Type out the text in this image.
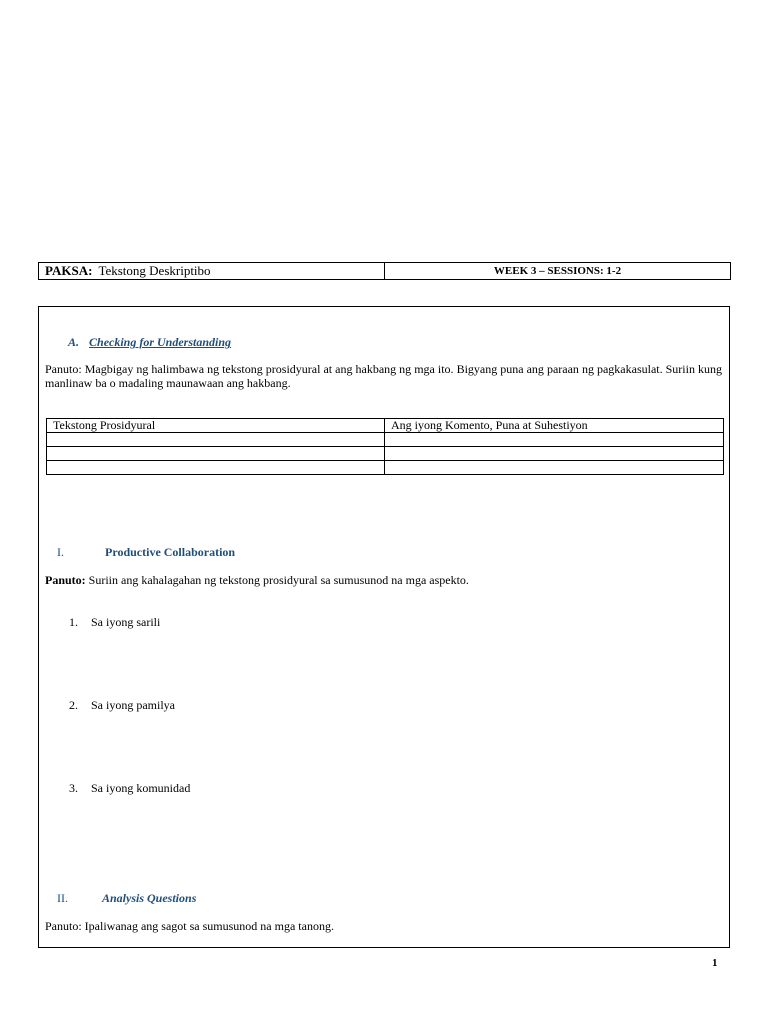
PAKSA: Tekstong Deskriptibo	WEEK 3 – SESSIONS: 1-2
A. Checking for Understanding
Panuto: Magbigay ng halimbawa ng tekstong prosidyural at ang hakbang ng mga ito. Bigyang puna ang paraan ng pagkakasulat. Suriin kung manlinaw ba o madaling maunawaan ang hakbang.
Tekstong Prosidyural	Ang iyong Komento, Puna at Suhestiyon

I.	Productive Collaboration
Panuto: Suriin ang kahalagahan ng tekstong prosidyural sa sumusunod na mga aspekto.
1. Sa iyong sarili
2. Sa iyong pamilya
3. Sa iyong komunidad
II.	Analysis Questions
Panuto: Ipaliwanag ang sagot sa sumusunod na mga tanong.
1
